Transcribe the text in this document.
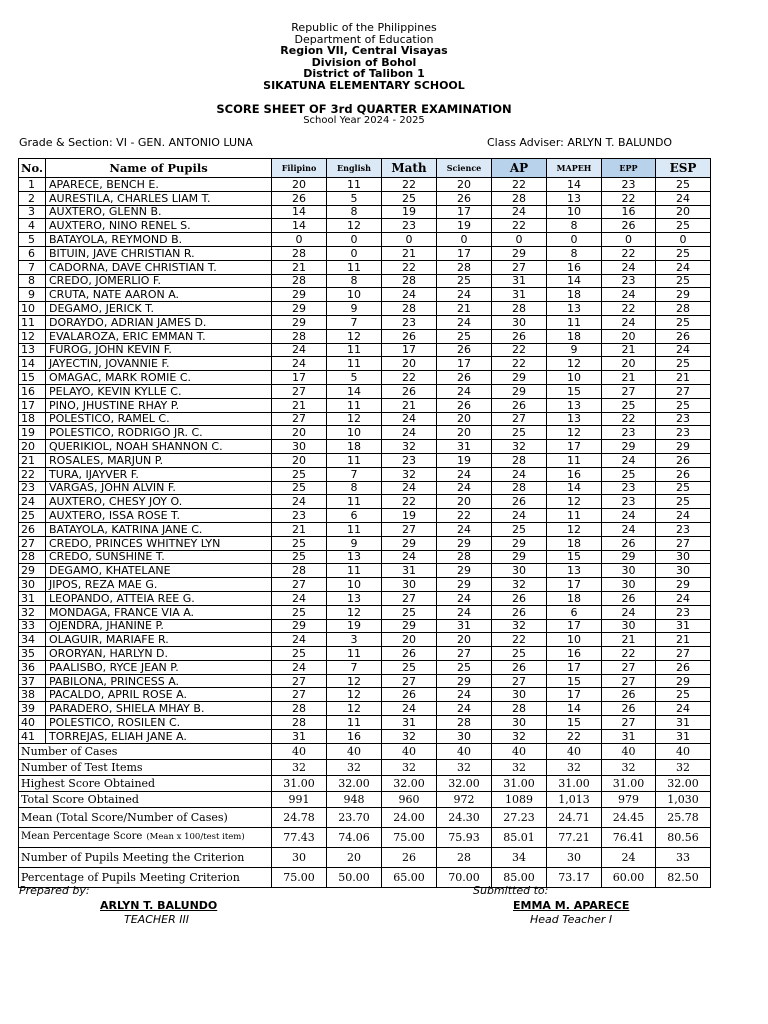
Republic of the Philippines
Department of Education
Region VII, Central Visayas
Division of Bohol
District of Talibon 1
SIKATUNA ELEMENTARY SCHOOL
SCORE SHEET OF 3rd QUARTER EXAMINATION
School Year 2024 - 2025
Grade & Section: VI - GEN. ANTONIO LUNA	Class Adviser: ARLYN T. BALUNDO
No.	Name of Pupils	Filipino	English	Math	Science	AP	MAPEH	EPP	ESP
1	APARECE, BENCH E.	20	11	22	20	22	14	23	25
2	AURESTILA, CHARLES LIAM T.	26	5	25	26	28	13	22	24
3	AUXTERO, GLENN B.	14	8	19	17	24	10	16	20
4	AUXTERO, NINO RENEL S.	14	12	23	19	22	8	26	25
5	BATAYOLA, REYMOND B.	0	0	0	0	0	0	0	0
6	BITUIN, JAVE CHRISTIAN R.	28	0	21	17	29	8	22	25
7	CADORNA, DAVE CHRISTIAN T.	21	11	22	28	27	16	24	24
8	CREDO, JOMERLIO F.	28	8	28	25	31	14	23	25
9	CRUTA, NATE AARON A.	29	10	24	24	31	18	24	29
10	DEGAMO, JERICK T.	29	9	28	21	28	13	22	28
11	DORAYDO, ADRIAN JAMES D.	29	7	23	24	30	11	24	25
12	EVALAROZA, ERIC EMMAN T.	28	12	26	25	26	18	20	26
13	FUROG, JOHN KEVIN F.	24	11	17	26	22	9	21	24
14	JAYECTIN, JOVANNIE F.	24	11	20	17	22	12	20	25
15	OMAGAC, MARK ROMIE C.	17	5	22	26	29	10	21	21
16	PELAYO, KEVIN KYLLE C.	27	14	26	24	29	15	27	27
17	PINO, JHUSTINE RHAY P.	21	11	21	26	26	13	25	25
18	POLESTICO, RAMEL C.	27	12	24	20	27	13	22	23
19	POLESTICO, RODRIGO JR. C.	20	10	24	20	25	12	23	23
20	QUERIKIOL, NOAH SHANNON C.	30	18	32	31	32	17	29	29
21	ROSALES, MARJUN P.	20	11	23	19	28	11	24	26
22	TURA, IJAYVER F.	25	7	32	24	24	16	25	26
23	VARGAS, JOHN ALVIN F.	25	8	24	24	28	14	23	25
24	AUXTERO, CHESY JOY O.	24	11	22	20	26	12	23	25
25	AUXTERO, ISSA ROSE T.	23	6	19	22	24	11	24	24
26	BATAYOLA, KATRINA JANE C.	21	11	27	24	25	12	24	23
27	CREDO, PRINCES WHITNEY LYN	25	9	29	29	29	18	26	27
28	CREDO, SUNSHINE T.	25	13	24	28	29	15	29	30
29	DEGAMO, KHATELANE	28	11	31	29	30	13	30	30
30	JIPOS, REZA MAE G.	27	10	30	29	32	17	30	29
31	LEOPANDO, ATTEIA REE G.	24	13	27	24	26	18	26	24
32	MONDAGA, FRANCE VIA A.	25	12	25	24	26	6	24	23
33	OJENDRA, JHANINE P.	29	19	29	31	32	17	30	31
34	OLAGUIR, MARIAFE R.	24	3	20	20	22	10	21	21
35	ORORYAN, HARLYN D.	25	11	26	27	25	16	22	27
36	PAALISBO, RYCE JEAN P.	24	7	25	25	26	17	27	26
37	PABILONA, PRINCESS A.	27	12	27	29	27	15	27	29
38	PACALDO, APRIL ROSE A.	27	12	26	24	30	17	26	25
39	PARADERO, SHIELA MHAY B.	28	12	24	24	28	14	26	24
40	POLESTICO, ROSILEN C.	28	11	31	28	30	15	27	31
41	TORREJAS, ELIAH JANE A.	31	16	32	30	32	22	31	31
Number of Cases		40	40	40	40	40	40	40	40
Number of Test Items		32	32	32	32	32	32	32	32
Highest Score Obtained		31.00	32.00	32.00	32.00	31.00	31.00	31.00	32.00
Total Score Obtained		991	948	960	972	1089	1,013	979	1,030
Mean (Total Score/Number of Cases)		24.78	23.70	24.00	24.30	27.23	24.71	24.45	25.78
Mean Percentage Score (Mean x 100/test item)		77.43	74.06	75.00	75.93	85.01	77.21	76.41	80.56
Number of Pupils Meeting the Criterion		30	20	26	28	34	30	24	33
Percentage of Pupils Meeting Criterion		75.00	50.00	65.00	70.00	85.00	73.17	60.00	82.50
Prepared by:
ARLYN T. BALUNDO
TEACHER III
Submitted to:
EMMA M. APARECE
Head Teacher I
